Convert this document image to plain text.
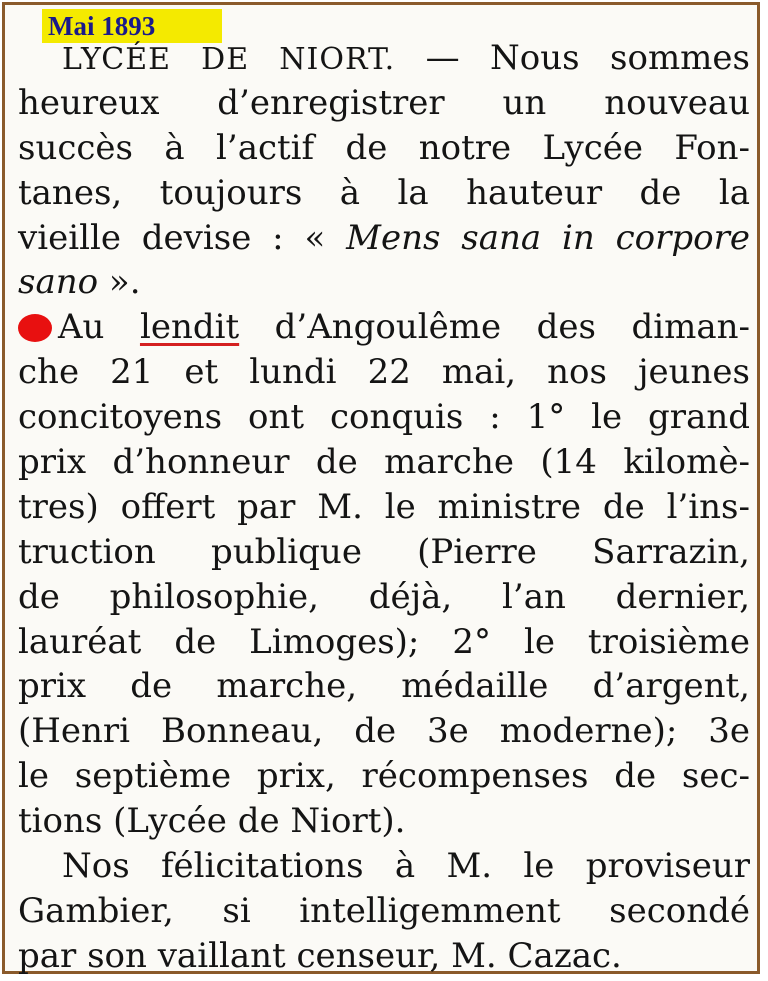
Mai 1893
LYCÉE DE NIORT. — Nous sommes
heureux d’enregistrer un nouveau
succès à l’actif de notre Lycée Fon-
tanes, toujours à la hauteur de la
vieille devise : « Mens sana in corpore
sano ».
Au lendit d’Angoulême des diman-
che 21 et lundi 22 mai, nos jeunes
concitoyens ont conquis : 1° le grand
prix d’honneur de marche (14 kilomè-
tres) offert par M. le ministre de l’ins-
truction publique (Pierre Sarrazin,
de philosophie, déjà, l’an dernier,
lauréat de Limoges); 2° le troisième
prix de marche, médaille d’argent,
(Henri Bonneau, de 3e moderne); 3e
le septième prix, récompenses de sec-
tions (Lycée de Niort).
Nos félicitations à M. le proviseur
Gambier, si intelligemment secondé
par son vaillant censeur, M. Cazac.
